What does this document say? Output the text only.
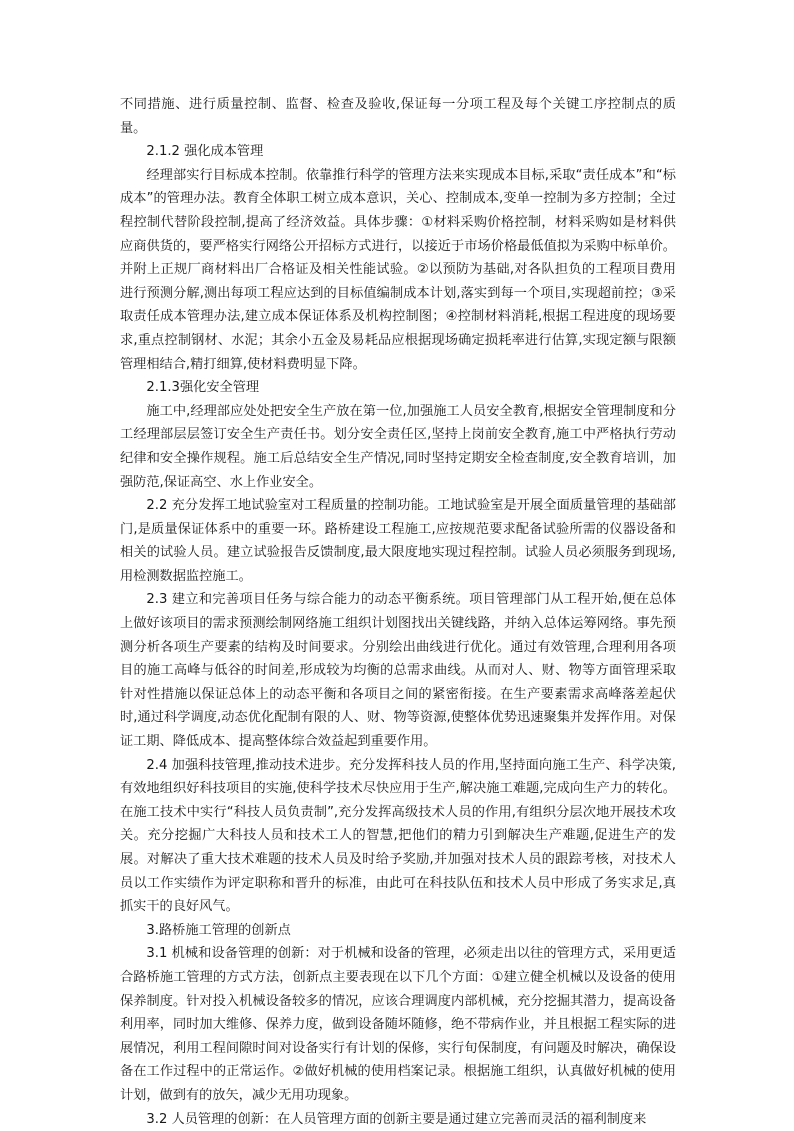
不同措施、进行质量控制、监督、检查及验收,保证每一分项工程及每个关键工序控制点的质量。

2.1.2 强化成本管理

经理部实行目标成本控制。依靠推行科学的管理方法来实现成本目标,采取“责任成本”和“标成本”的管理办法。教育全体职工树立成本意识，关心、控制成本,变单一控制为多方控制；全过程控制代替阶段控制,提高了经济效益。具体步骤：①材料采购价格控制，材料采购如是材料供应商供货的，要严格实行网络公开招标方式进行，以接近于市场价格最低值拟为采购中标单价。并附上正规厂商材料出厂合格证及相关性能试验。②以预防为基础,对各队担负的工程项目费用进行预测分解,测出每项工程应达到的目标值编制成本计划,落实到每一个项目,实现超前控；③采取责任成本管理办法,建立成本保证体系及机构控制图；④控制材料消耗,根据工程进度的现场要求,重点控制钢材、水泥；其余小五金及易耗品应根据现场确定损耗率进行估算,实现定额与限额管理相结合,精打细算,使材料费明显下降。

2.1.3强化安全管理

施工中,经理部应处处把安全生产放在第一位,加强施工人员安全教育,根据安全管理制度和分工经理部层层签订安全生产责任书。划分安全责任区,坚持上岗前安全教育,施工中严格执行劳动纪律和安全操作规程。施工后总结安全生产情况,同时坚持定期安全检查制度,安全教育培训，加强防范,保证高空、水上作业安全。

2.2 充分发挥工地试验室对工程质量的控制功能。工地试验室是开展全面质量管理的基础部门,是质量保证体系中的重要一环。路桥建设工程施工,应按规范要求配备试验所需的仪器设备和相关的试验人员。建立试验报告反馈制度,最大限度地实现过程控制。试验人员必须服务到现场,用检测数据监控施工。

2.3 建立和完善项目任务与综合能力的动态平衡系统。项目管理部门从工程开始,便在总体上做好该项目的需求预测绘制网络施工组织计划图找出关键线路，并纳入总体运筹网络。事先预测分析各项生产要素的结构及时间要求。分别绘出曲线进行优化。通过有效管理,合理利用各项目的施工高峰与低谷的时间差,形成较为均衡的总需求曲线。从而对人、财、物等方面管理采取针对性措施以保证总体上的动态平衡和各项目之间的紧密衔接。在生产要素需求高峰落差起伏时,通过科学调度,动态优化配制有限的人、财、物等资源,使整体优势迅速聚集并发挥作用。对保证工期、降低成本、提高整体综合效益起到重要作用。

2.4 加强科技管理,推动技术进步。充分发挥科技人员的作用,坚持面向施工生产、科学决策,有效地组织好科技项目的实施,使科学技术尽快应用于生产,解决施工难题,完成向生产力的转化。在施工技术中实行“科技人员负责制”,充分发挥高级技术人员的作用,有组织分层次地开展技术攻关。充分挖掘广大科技人员和技术工人的智慧,把他们的精力引到解决生产难题,促进生产的发展。对解决了重大技术难题的技术人员及时给予奖励,并加强对技术人员的跟踪考核，对技术人员以工作实绩作为评定职称和晋升的标准，由此可在科技队伍和技术人员中形成了务实求足,真抓实干的良好风气。

3.路桥施工管理的创新点

3.1 机械和设备管理的创新：对于机械和设备的管理，必须走出以往的管理方式，采用更适合路桥施工管理的方式方法，创新点主要表现在以下几个方面：①建立健全机械以及设备的使用保养制度。针对投入机械设备较多的情况，应该合理调度内部机械，充分挖掘其潜力，提高设备利用率，同时加大维修、保养力度，做到设备随坏随修，绝不带病作业，并且根据工程实际的进展情况，利用工程间隙时间对设备实行有计划的保修，实行旬保制度，有问题及时解决，确保设备在工作过程中的正常运作。②做好机械的使用档案记录。根据施工组织，认真做好机械的使用计划，做到有的放矢，减少无用功现象。

3.2 人员管理的创新：在人员管理方面的创新主要是通过建立完善而灵活的福利制度来
